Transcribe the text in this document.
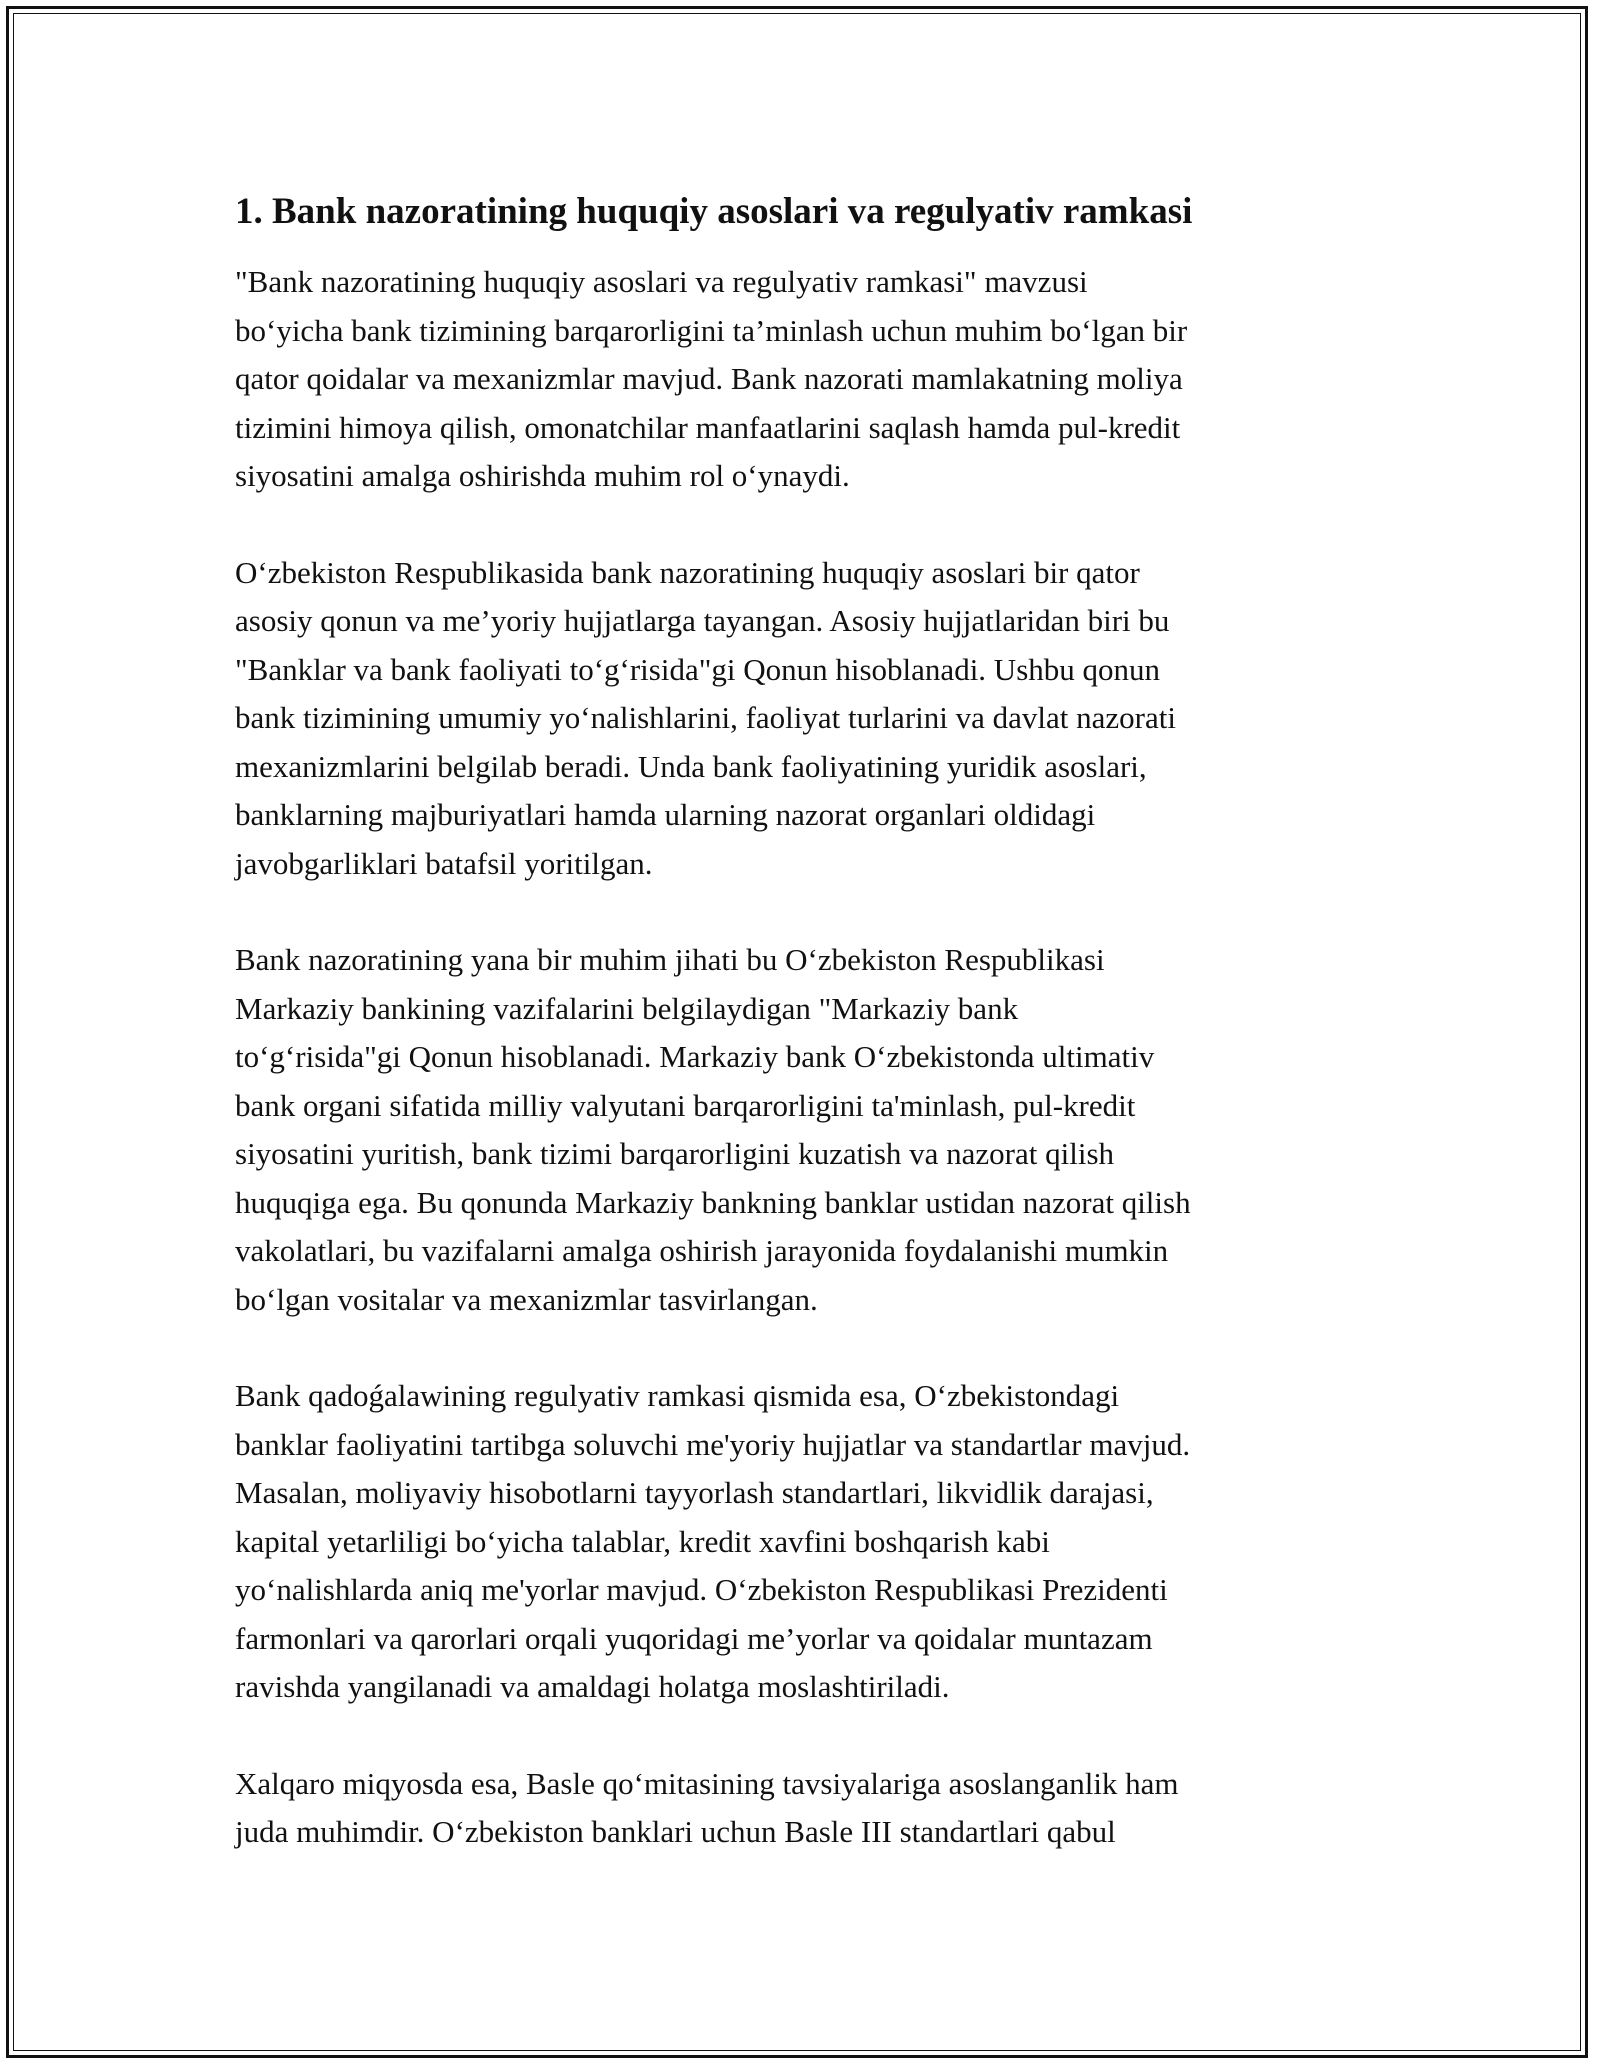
1. Bank nazoratining huquqiy asoslari va regulyativ ramkasi

"Bank nazoratining huquqiy asoslari va regulyativ ramkasi" mavzusi
bo‘yicha bank tizimining barqarorligini ta’minlash uchun muhim bo‘lgan bir
qator qoidalar va mexanizmlar mavjud. Bank nazorati mamlakatning moliya
tizimini himoya qilish, omonatchilar manfaatlarini saqlash hamda pul-kredit
siyosatini amalga oshirishda muhim rol o‘ynaydi.

O‘zbekiston Respublikasida bank nazoratining huquqiy asoslari bir qator
asosiy qonun va me’yoriy hujjatlarga tayangan. Asosiy hujjatlaridan biri bu
"Banklar va bank faoliyati to‘g‘risida"gi Qonun hisoblanadi. Ushbu qonun
bank tizimining umumiy yo‘nalishlarini, faoliyat turlarini va davlat nazorati
mexanizmlarini belgilab beradi. Unda bank faoliyatining yuridik asoslari,
banklarning majburiyatlari hamda ularning nazorat organlari oldidagi
javobgarliklari batafsil yoritilgan.

Bank nazoratining yana bir muhim jihati bu O‘zbekiston Respublikasi
Markaziy bankining vazifalarini belgilaydigan "Markaziy bank
to‘g‘risida"gi Qonun hisoblanadi. Markaziy bank O‘zbekistonda ultimativ
bank organi sifatida milliy valyutani barqarorligini ta'minlash, pul-kredit
siyosatini yuritish, bank tizimi barqarorligini kuzatish va nazorat qilish
huquqiga ega. Bu qonunda Markaziy bankning banklar ustidan nazorat qilish
vakolatlari, bu vazifalarni amalga oshirish jarayonida foydalanishi mumkin
bo‘lgan vositalar va mexanizmlar tasvirlangan.

Bank qadoǵalawining regulyativ ramkasi qismida esa, O‘zbekistondagi
banklar faoliyatini tartibga soluvchi me'yoriy hujjatlar va standartlar mavjud.
Masalan, moliyaviy hisobotlarni tayyorlash standartlari, likvidlik darajasi,
kapital yetarliligi bo‘yicha talablar, kredit xavfini boshqarish kabi
yo‘nalishlarda aniq me'yorlar mavjud. O‘zbekiston Respublikasi Prezidenti
farmonlari va qarorlari orqali yuqoridagi me’yorlar va qoidalar muntazam
ravishda yangilanadi va amaldagi holatga moslashtiriladi.

Xalqaro miqyosda esa, Basle qo‘mitasining tavsiyalariga asoslanganlik ham
juda muhimdir. O‘zbekiston banklari uchun Basle III standartlari qabul
